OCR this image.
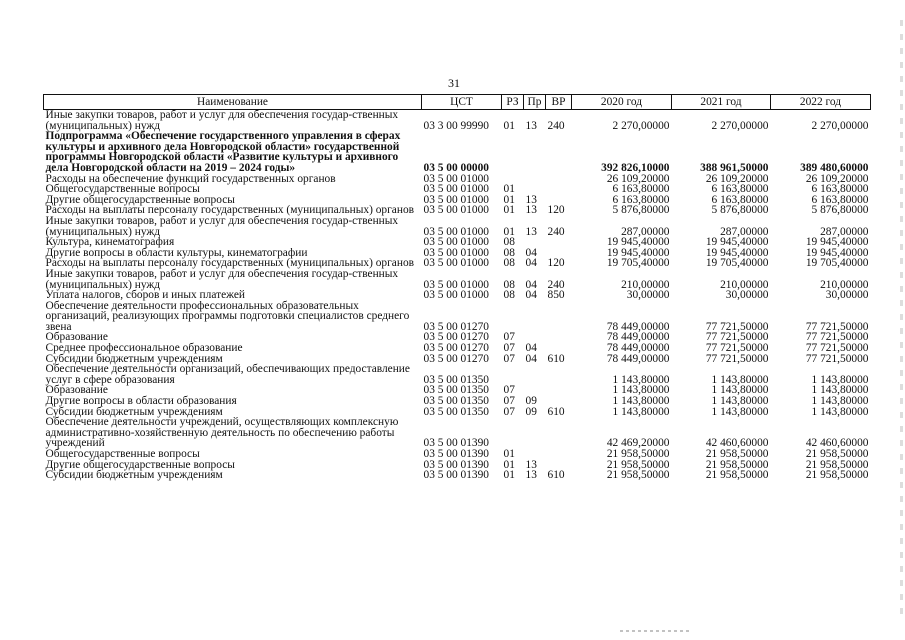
31
Наименование	ЦСТ	РЗ	Пр	ВР	2020 год	2021 год	2022 год
Иные закупки товаров, работ и услуг для обеспечения государ-ственных (муниципальных) нужд	03 3 00 99990	01	13	240	2 270,00000	2 270,00000	2 270,00000
Подпрограмма «Обеспечение государственного управления в сферах культуры и архивного дела Новгородской области» государственной программы Новгородской области «Развитие культуры и архивного дела Новгородской области на 2019 – 2024 годы»	03 5 00 00000				392 826,10000	388 961,50000	389 480,60000
Расходы на обеспечение функций государственных органов	03 5 00 01000				26 109,20000	26 109,20000	26 109,20000
Общегосударственные вопросы	03 5 00 01000	01			6 163,80000	6 163,80000	6 163,80000
Другие общегосударственные вопросы	03 5 00 01000	01	13		6 163,80000	6 163,80000	6 163,80000
Расходы на выплаты персоналу государственных (муниципальных) органов	03 5 00 01000	01	13	120	5 876,80000	5 876,80000	5 876,80000
Иные закупки товаров, работ и услуг для обеспечения государ-ственных (муниципальных) нужд	03 5 00 01000	01	13	240	287,00000	287,00000	287,00000
Культура, кинематография	03 5 00 01000	08			19 945,40000	19 945,40000	19 945,40000
Другие вопросы в области культуры, кинематографии	03 5 00 01000	08	04		19 945,40000	19 945,40000	19 945,40000
Расходы на выплаты персоналу государственных (муниципальных) органов	03 5 00 01000	08	04	120	19 705,40000	19 705,40000	19 705,40000
Иные закупки товаров, работ и услуг для обеспечения государ-ственных (муниципальных) нужд	03 5 00 01000	08	04	240	210,00000	210,00000	210,00000
Уплата налогов, сборов и иных платежей	03 5 00 01000	08	04	850	30,00000	30,00000	30,00000
Обеспечение деятельности профессиональных образовательных организаций, реализующих программы подготовки специалистов среднего звена	03 5 00 01270				78 449,00000	77 721,50000	77 721,50000
Образование	03 5 00 01270	07			78 449,00000	77 721,50000	77 721,50000
Среднее профессиональное образование	03 5 00 01270	07	04		78 449,00000	77 721,50000	77 721,50000
Субсидии бюджетным учреждениям	03 5 00 01270	07	04	610	78 449,00000	77 721,50000	77 721,50000
Обеспечение деятельности организаций, обеспечивающих предоставление услуг в сфере образования	03 5 00 01350				1 143,80000	1 143,80000	1 143,80000
Образование	03 5 00 01350	07			1 143,80000	1 143,80000	1 143,80000
Другие вопросы в области образования	03 5 00 01350	07	09		1 143,80000	1 143,80000	1 143,80000
Субсидии бюджетным учреждениям	03 5 00 01350	07	09	610	1 143,80000	1 143,80000	1 143,80000
Обеспечение деятельности учреждений, осуществляющих комплексную административно-хозяйственную деятельность по обеспечению работы учреждений	03 5 00 01390				42 469,20000	42 460,60000	42 460,60000
Общегосударственные вопросы	03 5 00 01390	01			21 958,50000	21 958,50000	21 958,50000
Другие общегосударственные вопросы	03 5 00 01390	01	13		21 958,50000	21 958,50000	21 958,50000
Субсидии бюджетным учреждениям	03 5 00 01390	01	13	610	21 958,50000	21 958,50000	21 958,50000
